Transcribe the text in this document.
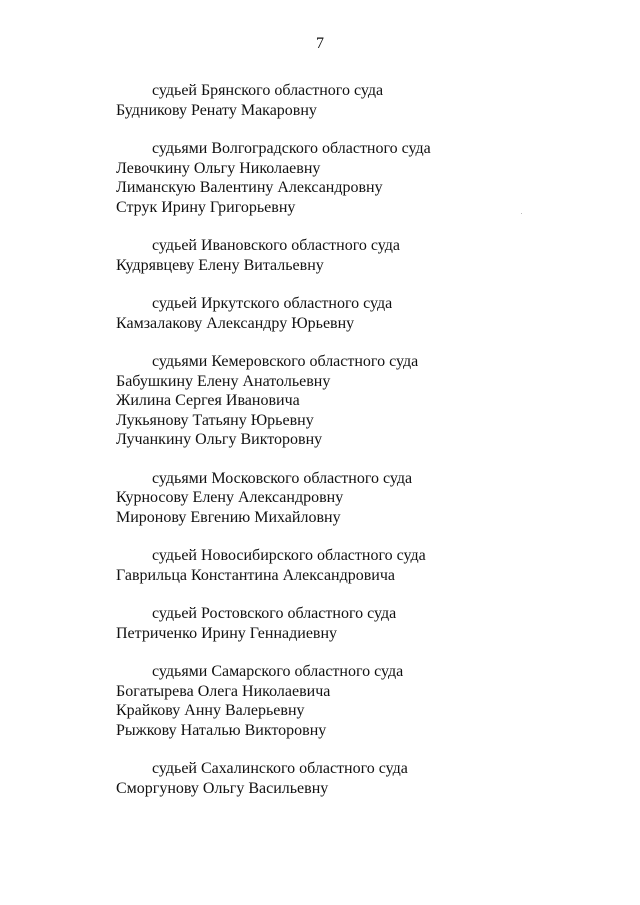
7
судьей Брянского областного суда
Будникову Ренату Макаровну
судьями Волгоградского областного суда
Левочкину Ольгу Николаевну
Лиманскую Валентину Александровну
Струк Ирину Григорьевну
судьей Ивановского областного суда
Кудрявцеву Елену Витальевну
судьей Иркутского областного суда
Камзалакову Александру Юрьевну
судьями Кемеровского областного суда
Бабушкину Елену Анатольевну
Жилина Сергея Ивановича
Лукьянову Татьяну Юрьевну
Лучанкину Ольгу Викторовну
судьями Московского областного суда
Курносову Елену Александровну
Миронову Евгению Михайловну
судьей Новосибирского областного суда
Гаврильца Константина Александровича
судьей Ростовского областного суда
Петриченко Ирину Геннадиевну
судьями Самарского областного суда
Богатырева Олега Николаевича
Крайкову Анну Валерьевну
Рыжкову Наталью Викторовну
судьей Сахалинского областного суда
Сморгунову Ольгу Васильевну
